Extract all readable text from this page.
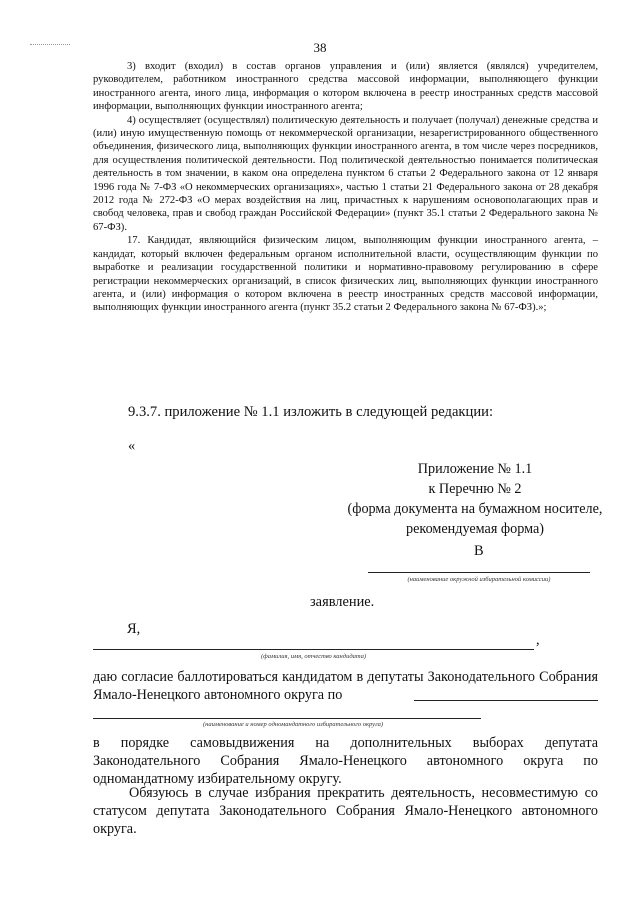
38

3) входит (входил) в состав органов управления и (или) является (являлся) учредителем, руководителем, работником иностранного средства массовой информации, выполняющего функции иностранного агента, иного лица, информация о котором включена в реестр иностранных средств массовой информации, выполняющих функции иностранного агента;

4) осуществляет (осуществлял) политическую деятельность и получает (получал) денежные средства и (или) иную имущественную помощь от некоммерческой организации, незарегистрированного общественного объединения, физического лица, выполняющих функции иностранного агента, в том числе через посредников, для осуществления политической деятельности. Под политической деятельностью понимается политическая деятельность в том значении, в каком она определена пунктом 6 статьи 2 Федерального закона от 12 января 1996 года № 7-ФЗ «О некоммерческих организациях», частью 1 статьи 21 Федерального закона от 28 декабря 2012 года № 272-ФЗ «О мерах воздействия на лиц, причастных к нарушениям основополагающих прав и свобод человека, прав и свобод граждан Российской Федерации» (пункт 35.1 статьи 2 Федерального закона № 67-ФЗ).

17. Кандидат, являющийся физическим лицом, выполняющим функции иностранного агента, – кандидат, который включен федеральным органом исполнительной власти, осуществляющим функции по выработке и реализации государственной политики и нормативно-правовому регулированию в сфере регистрации некоммерческих организаций, в список физических лиц, выполняющих функции иностранного агента, и (или) информация о котором включена в реестр иностранных средств массовой информации, выполняющих функции иностранного агента (пункт 35.2 статьи 2 Федерального закона № 67-ФЗ).»;

9.3.7. приложение № 1.1 изложить в следующей редакции:
«
Приложение № 1.1
к Перечню № 2
(форма документа на бумажном носителе,
рекомендуемая форма)
В
(наименование окружной избирательной комиссии)
заявление.
Я,
,
(фамилия, имя, отчество кандидата)

даю согласие баллотироваться кандидатом в депутаты Законодательного Собрания Ямало-Ненецкого автономного округа по

(наименование и номер одномандатного избирательного округа)

в порядке самовыдвижения на дополнительных выборах депутата Законодательного Собрания Ямало-Ненецкого автономного округа по одномандатному избирательному округу.

Обязуюсь в случае избрания прекратить деятельность, несовместимую со статусом депутата Законодательного Собрания Ямало-Ненецкого автономного округа.
